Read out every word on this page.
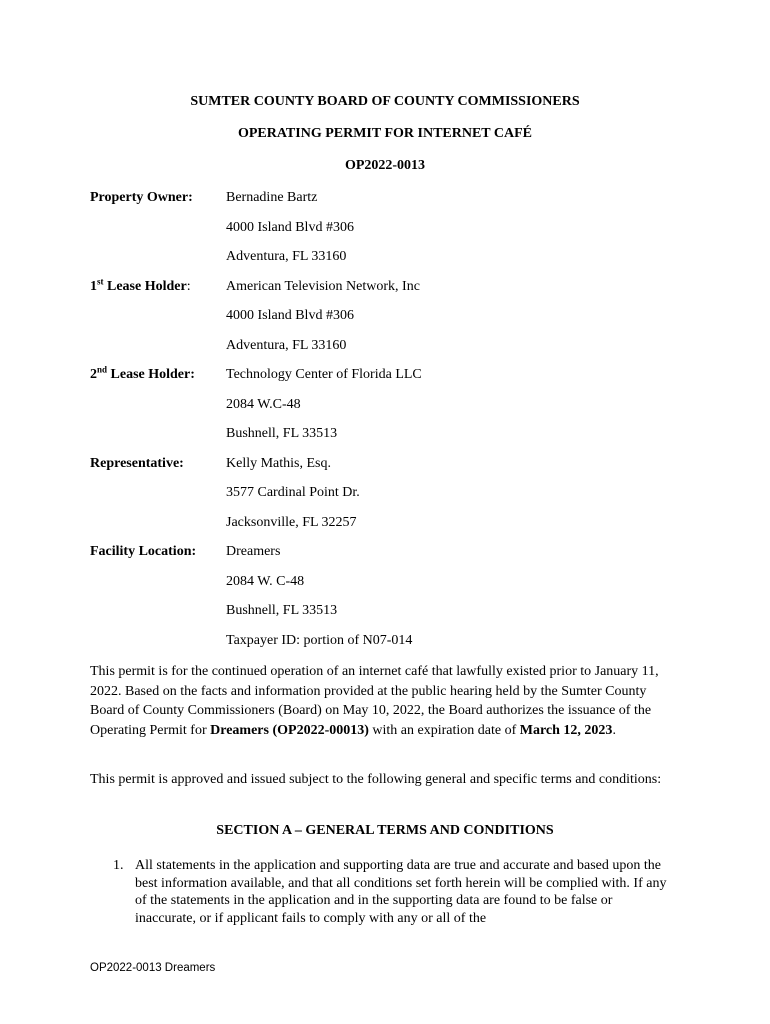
SUMTER COUNTY BOARD OF COUNTY COMMISSIONERS
OPERATING PERMIT FOR INTERNET CAFÉ
OP2022-0013
Property Owner: Bernadine Bartz
4000 Island Blvd #306
Adventura, FL 33160
1st Lease Holder:	American Television Network, Inc
4000 Island Blvd #306
Adventura, FL 33160
2nd Lease Holder: Technology Center of Florida LLC
2084 W.C-48
Bushnell, FL 33513
Representative:	Kelly Mathis, Esq.
3577 Cardinal Point Dr.
Jacksonville, FL 32257
Facility Location: Dreamers
2084 W. C-48
Bushnell, FL 33513
Taxpayer ID: portion of N07-014
This permit is for the continued operation of an internet café that lawfully existed prior to January 11, 2022. Based on the facts and information provided at the public hearing held by the Sumter County Board of County Commissioners (Board) on May 10, 2022, the Board authorizes the issuance of the Operating Permit for Dreamers (OP2022-00013) with an expiration date of March 12, 2023.
This permit is approved and issued subject to the following general and specific terms and conditions:
SECTION A – GENERAL TERMS AND CONDITIONS
1. All statements in the application and supporting data are true and accurate and based upon the best information available, and that all conditions set forth herein will be complied with. If any of the statements in the application and in the supporting data are found to be false or inaccurate, or if applicant fails to comply with any or all of the
OP2022-0013 Dreamers
